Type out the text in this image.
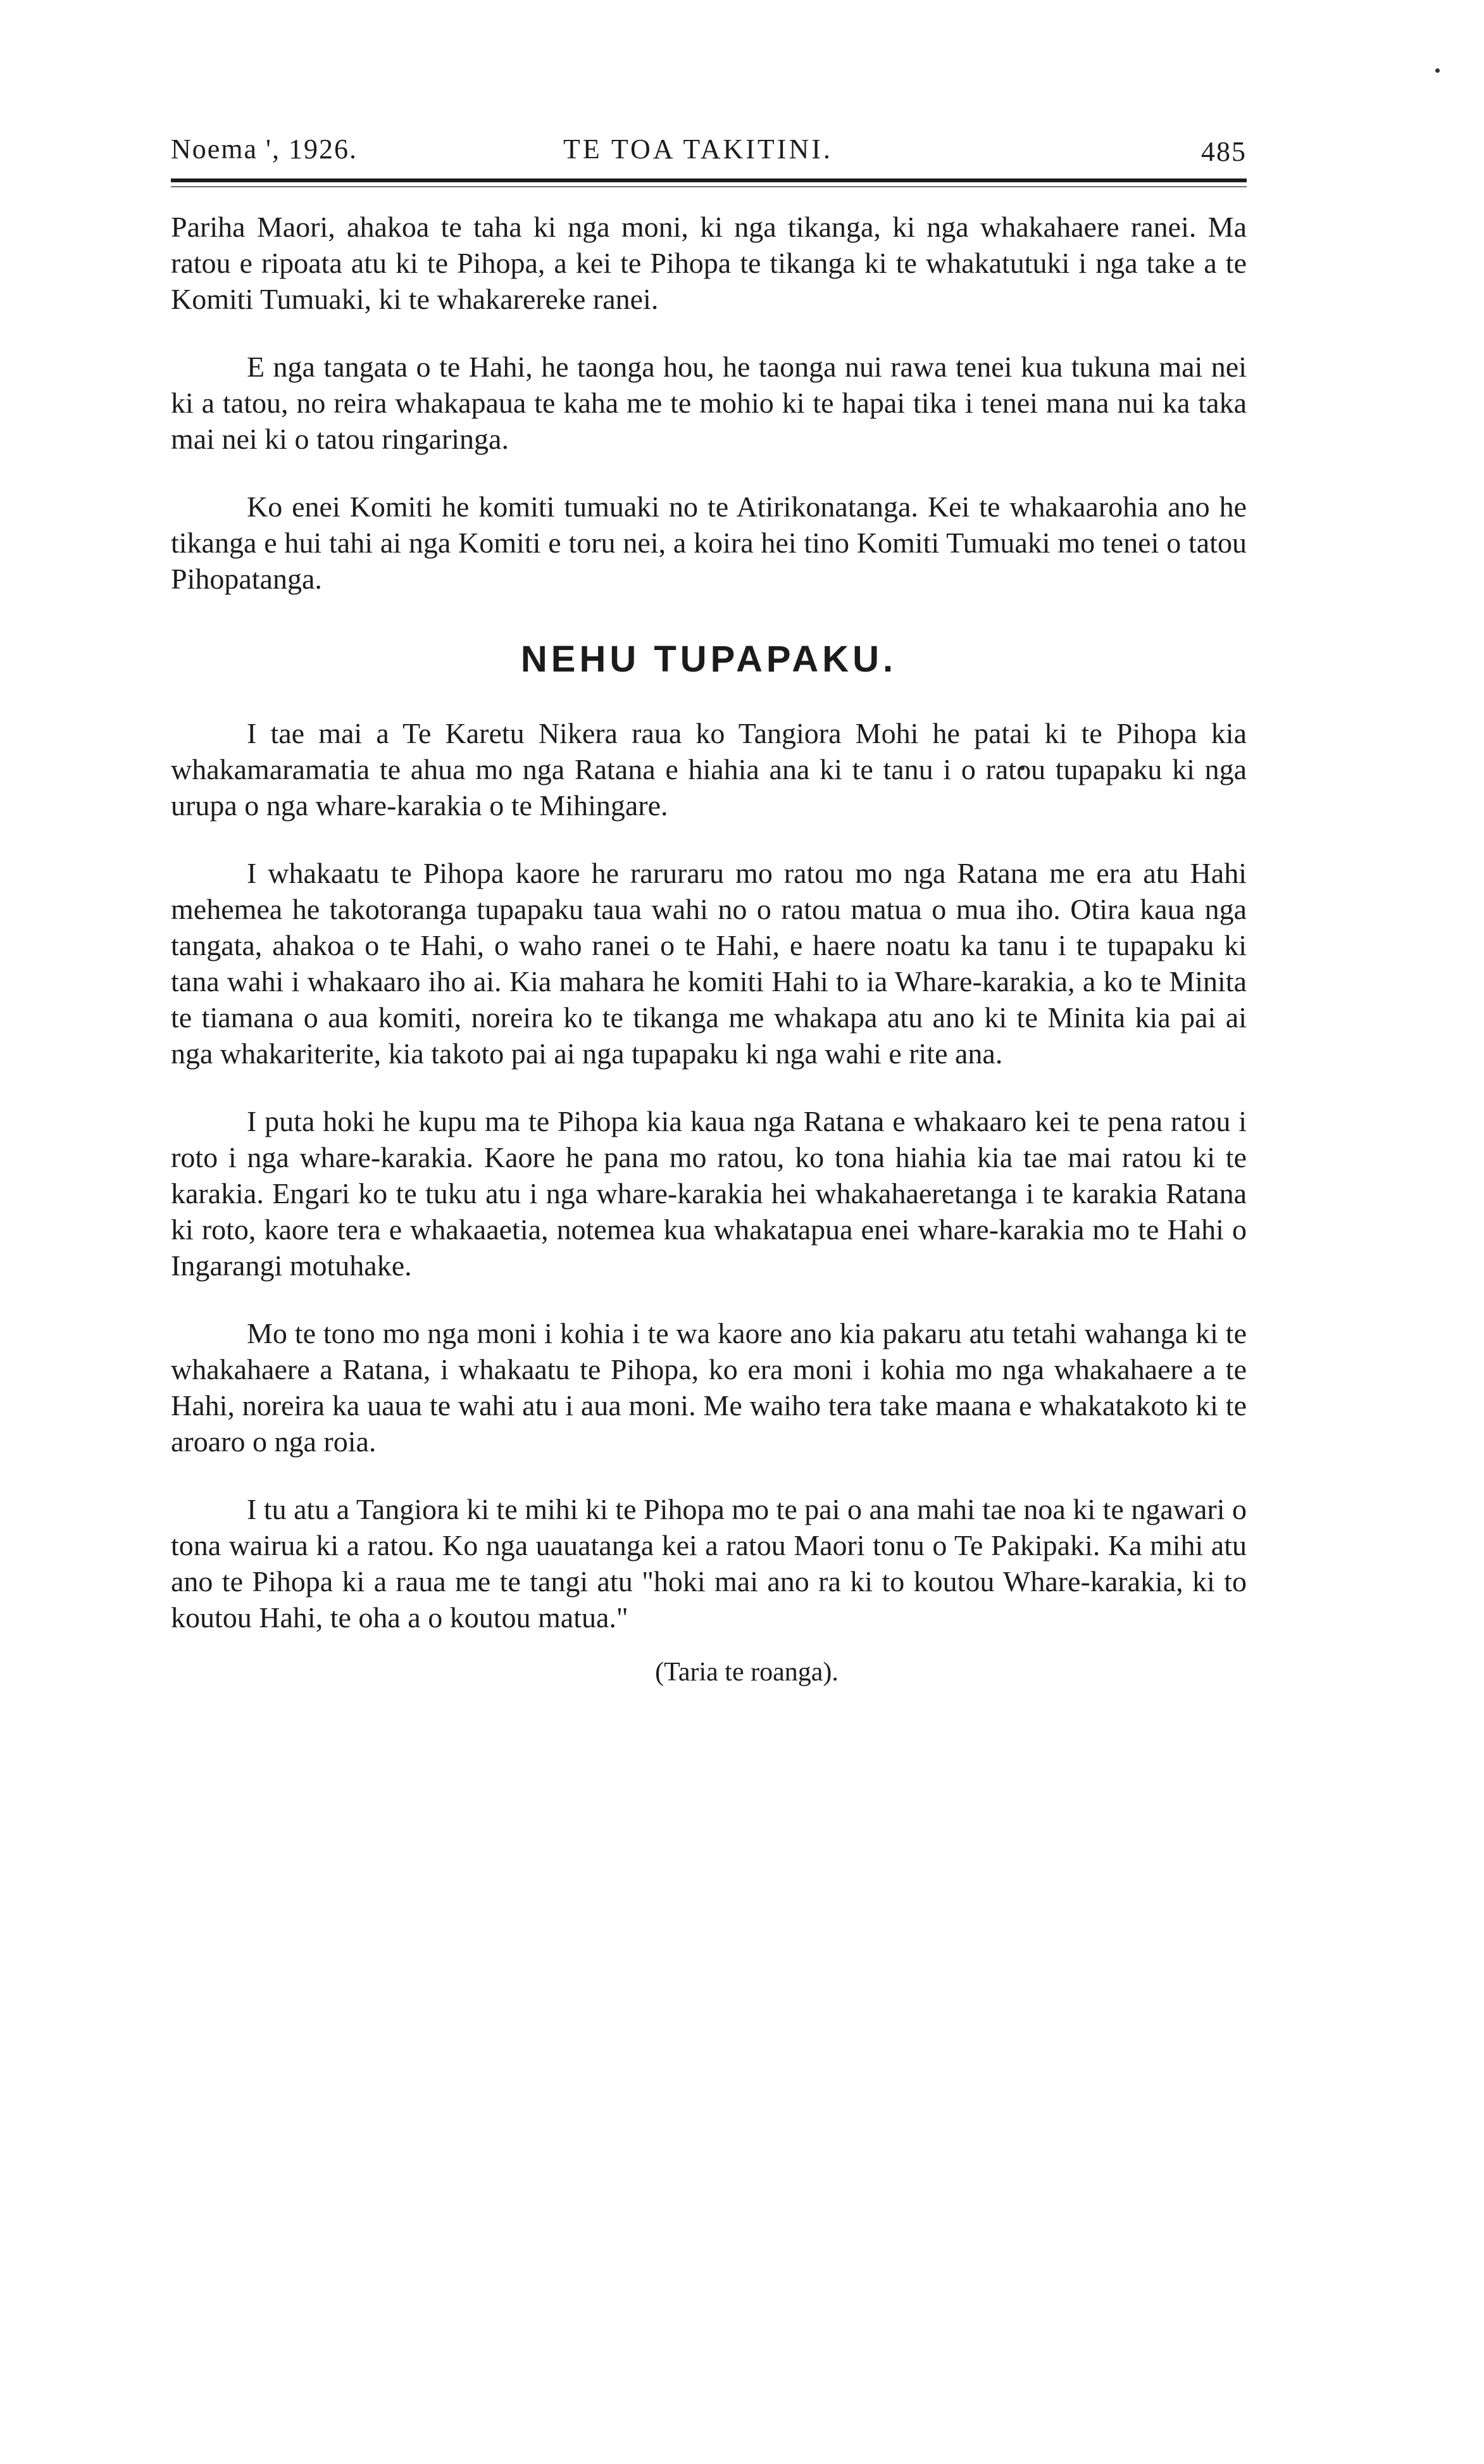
Noema ', 1926.	TE TOA TAKITINI.	485

Pariha Maori, ahakoa te taha ki nga moni, ki nga tikanga, ki nga whakahaere ranei. Ma ratou e ripoata atu ki te Pihopa, a kei te Pihopa te tikanga ki te whakatutuki i nga take a te Komiti Tumuaki, ki te whakarereke ranei.

E nga tangata o te Hahi, he taonga hou, he taonga nui rawa tenei kua tukuna mai nei ki a tatou, no reira whakapaua te kaha me te mohio ki te hapai tika i tenei mana nui ka taka mai nei ki o tatou ringaringa.

Ko enei Komiti he komiti tumuaki no te Atirikonatanga. Kei te whakaarohia ano he tikanga e hui tahi ai nga Komiti e toru nei, a koira hei tino Komiti Tumuaki mo tenei o tatou Pihopatanga.

NEHU TUPAPAKU.

I tae mai a Te Karetu Nikera raua ko Tangiora Mohi he patai ki te Pihopa kia whakamaramatia te ahua mo nga Ratana e hiahia ana ki te tanu i o ratou tupapaku ki nga urupa o nga whare-karakia o te Mihingare.

I whakaatu te Pihopa kaore he raruraru mo ratou mo nga Ratana me era atu Hahi mehemea he takotoranga tupapaku taua wahi no o ratou matua o mua iho. Otira kaua nga tangata, ahakoa o te Hahi, o waho ranei o te Hahi, e haere noatu ka tanu i te tupapaku ki tana wahi i whakaaro iho ai. Kia mahara he komiti Hahi to ia Whare-karakia, a ko te Minita te tiamana o aua komiti, noreira ko te tikanga me whakapa atu ano ki te Minita kia pai ai nga whakariterite, kia takoto pai ai nga tupapaku ki nga wahi e rite ana.

I puta hoki he kupu ma te Pihopa kia kaua nga Ratana e whakaaro kei te pena ratou i roto i nga whare-karakia. Kaore he pana mo ratou, ko tona hiahia kia tae mai ratou ki te karakia. Engari ko te tuku atu i nga whare-karakia hei whakahaeretanga i te karakia Ratana ki roto, kaore tera e whakaaetia, notemea kua whakatapua enei whare-karakia mo te Hahi o Ingarangi motuhake.

Mo te tono mo nga moni i kohia i te wa kaore ano kia pakaru atu tetahi wahanga ki te whakahaere a Ratana, i whakaatu te Pihopa, ko era moni i kohia mo nga whakahaere a te Hahi, noreira ka uaua te wahi atu i aua moni. Me waiho tera take maana e whakatakoto ki te aroaro o nga roia.

I tu atu a Tangiora ki te mihi ki te Pihopa mo te pai o ana mahi tae noa ki te ngawari o tona wairua ki a ratou. Ko nga uauatanga kei a ratou Maori tonu o Te Pakipaki. Ka mihi atu ano te Pihopa ki a raua me te tangi atu "hoki mai ano ra ki to koutou Whare-karakia, ki to koutou Hahi, te oha a o koutou matua."

(Taria te roanga).
